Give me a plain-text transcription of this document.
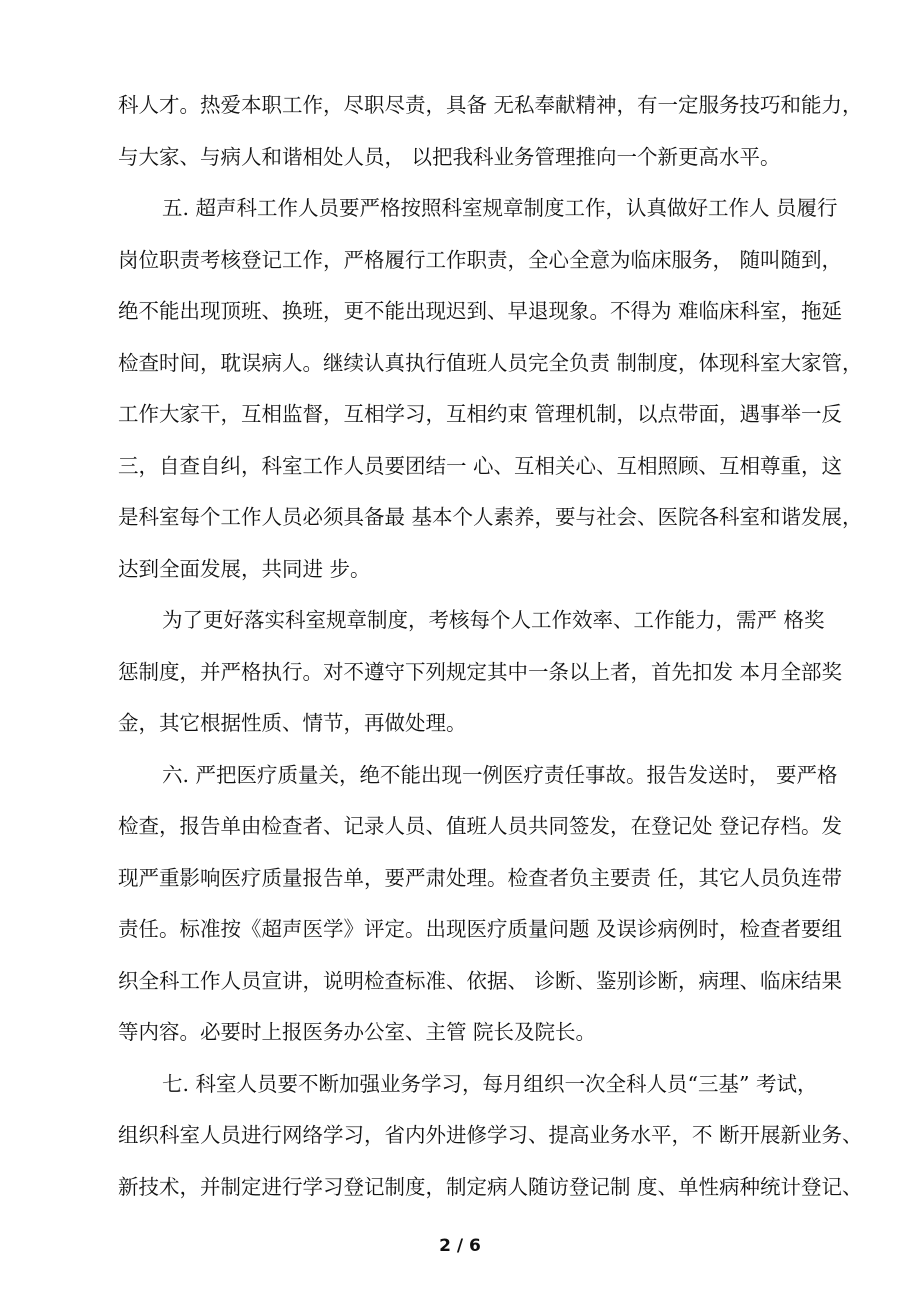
科人才。热爱本职工作，尽职尽责，具备 无私奉献精神，有一定服务技巧和能力，
与大家、与病人和谐相处人员， 以把我科业务管理推向一个新更高水平。
五. 超声科工作人员要严格按照科室规章制度工作，认真做好工作人 员履行
岗位职责考核登记工作，严格履行工作职责，全心全意为临床服务， 随叫随到，
绝不能出现顶班、换班，更不能出现迟到、早退现象。不得为 难临床科室，拖延
检查时间，耽误病人。继续认真执行值班人员完全负责 制制度，体现科室大家管，
工作大家干，互相监督，互相学习，互相约束 管理机制，以点带面，遇事举一反
三，自查自纠，科室工作人员要团结一 心、互相关心、互相照顾、互相尊重，这
是科室每个工作人员必须具备最 基本个人素养，要与社会、医院各科室和谐发展，
达到全面发展，共同进 步。
为了更好落实科室规章制度，考核每个人工作效率、工作能力，需严 格奖
惩制度，并严格执行。对不遵守下列规定其中一条以上者，首先扣发 本月全部奖
金，其它根据性质、情节，再做处理。
六. 严把医疗质量关，绝不能出现一例医疗责任事故。报告发送时， 要严格
检查，报告单由检查者、记录人员、值班人员共同签发，在登记处 登记存档。发
现严重影响医疗质量报告单，要严肃处理。检查者负主要责 任，其它人员负连带
责任。标准按《超声医学》评定。出现医疗质量问题 及误诊病例时，检查者要组
织全科工作人员宣讲，说明检查标准、依据、 诊断、鉴别诊断，病理、临床结果
等内容。必要时上报医务办公室、主管 院长及院长。
七. 科室人员要不断加强业务学习，每月组织一次全科人员“三基” 考试，
组织科室人员进行网络学习，省内外进修学习、提高业务水平，不 断开展新业务、
新技术，并制定进行学习登记制度，制定病人随访登记制 度、单性病种统计登记、
2 / 6
